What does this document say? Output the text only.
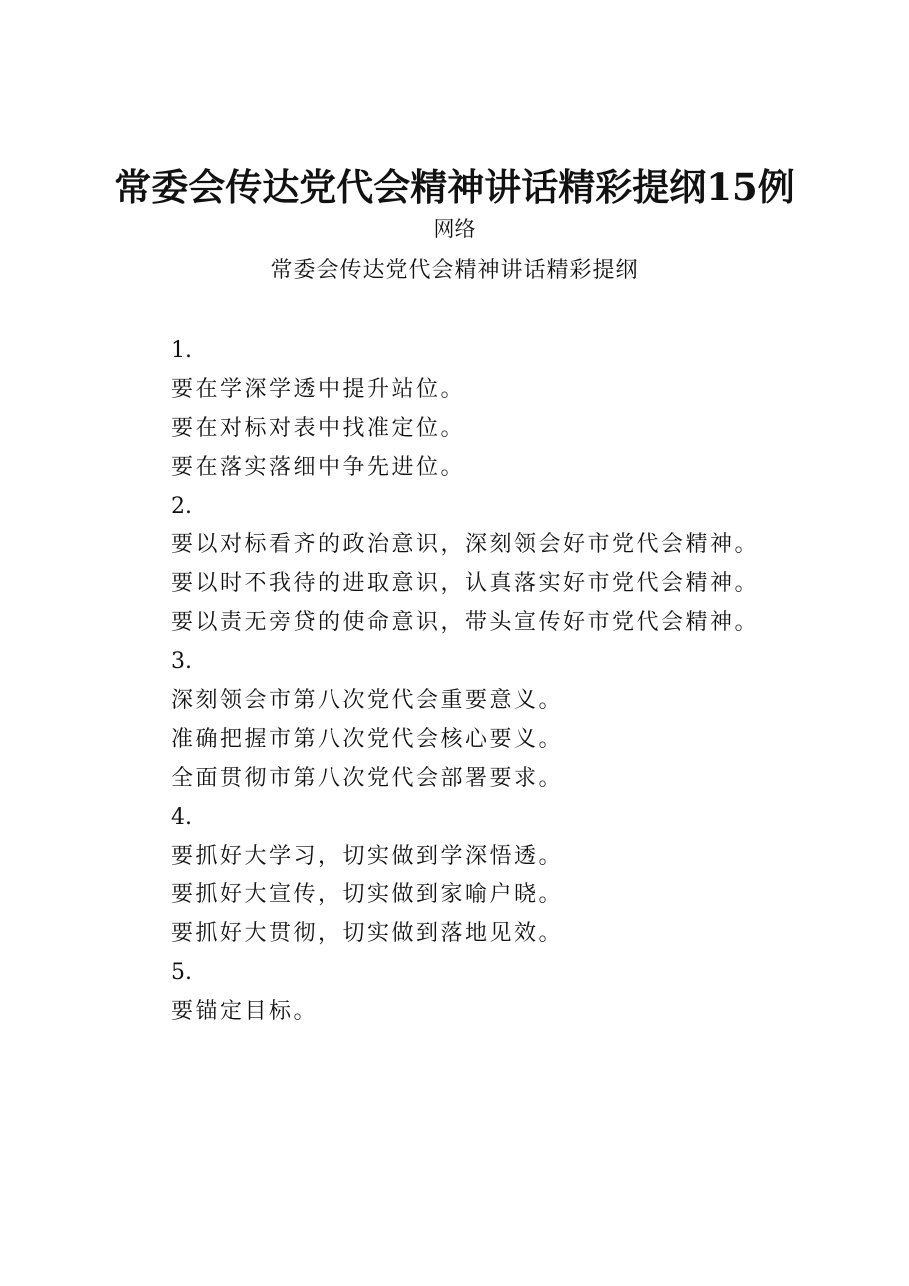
常委会传达党代会精神讲话精彩提纲15例
网络
常委会传达党代会精神讲话精彩提纲
1.
要在学深学透中提升站位。
要在对标对表中找准定位。
要在落实落细中争先进位。
2.
要以对标看齐的政治意识，深刻领会好市党代会精神。
要以时不我待的进取意识，认真落实好市党代会精神。
要以责无旁贷的使命意识，带头宣传好市党代会精神。
3.
深刻领会市第八次党代会重要意义。
准确把握市第八次党代会核心要义。
全面贯彻市第八次党代会部署要求。
4.
要抓好大学习，切实做到学深悟透。
要抓好大宣传，切实做到家喻户晓。
要抓好大贯彻，切实做到落地见效。
5.
要锚定目标。
